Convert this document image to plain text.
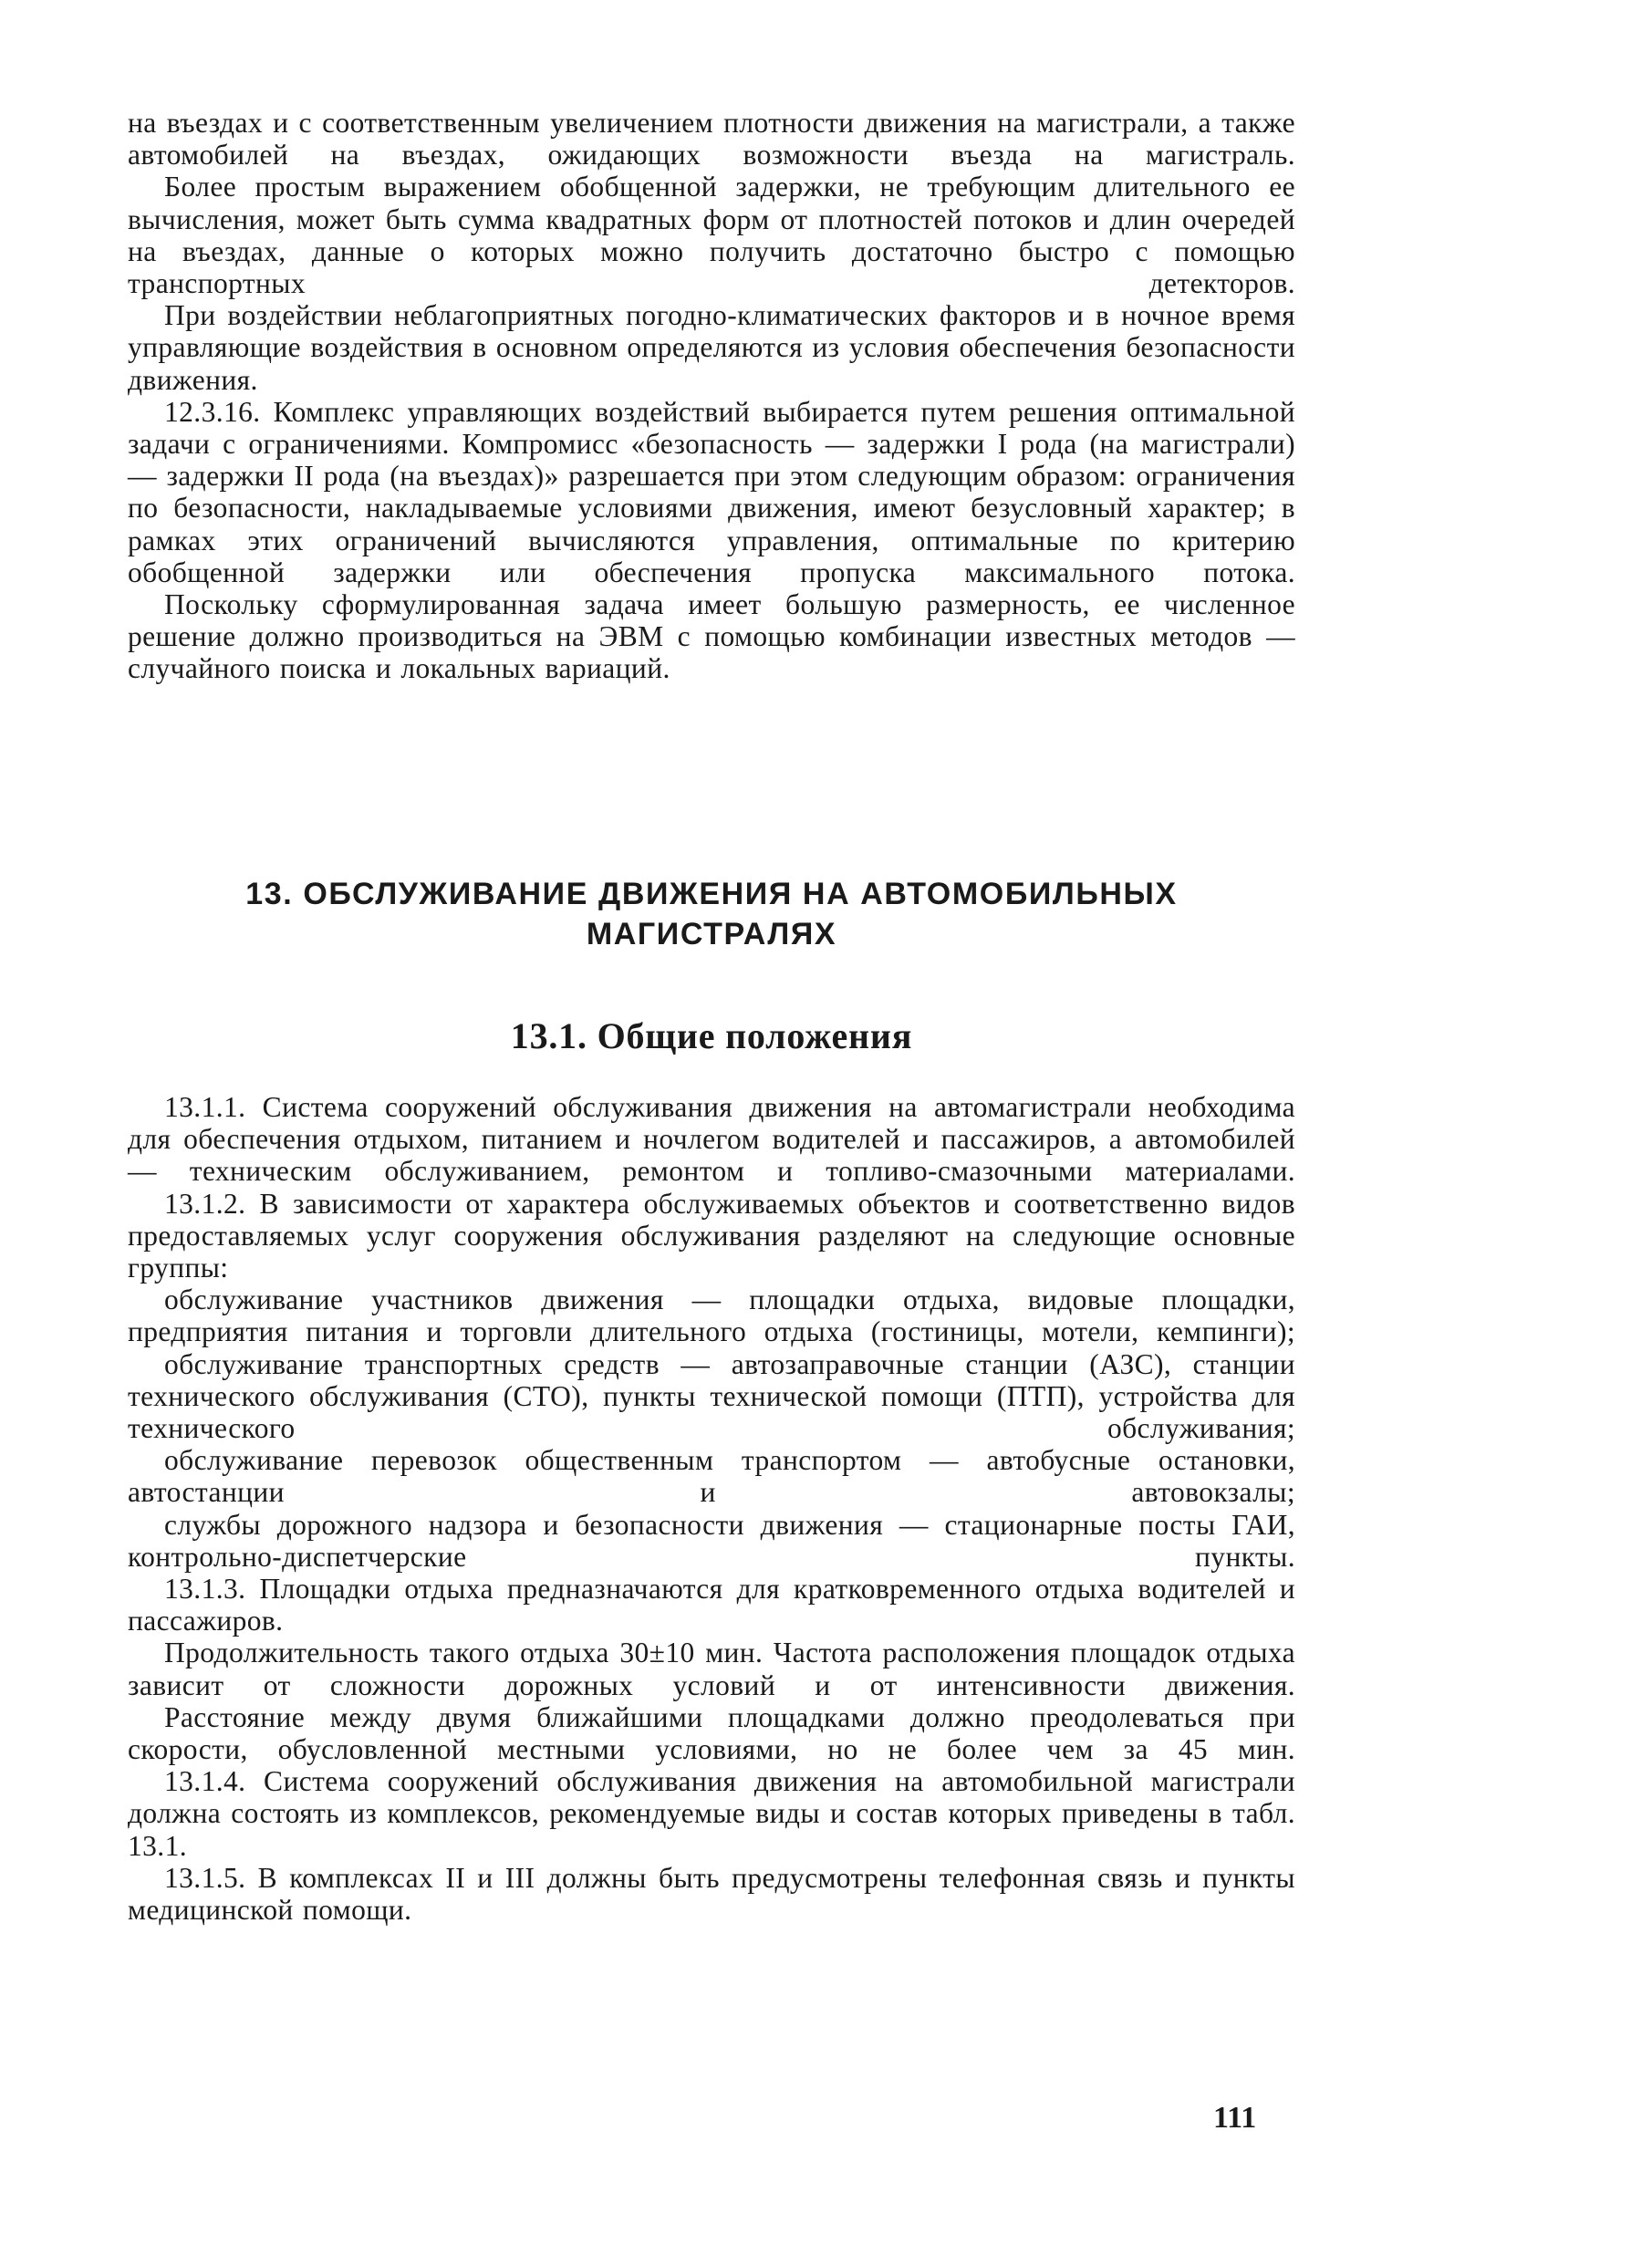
на въездах и с соответственным увеличением плотности движения на магистрали, а также автомобилей на въездах, ожидающих возможности въезда на магистраль.

Более простым выражением обобщенной задержки, не требующим длительного ее вычисления, может быть сумма квадратных форм от плотностей потоков и длин очередей на въездах, данные о которых можно получить достаточно быстро с помощью транспортных детекторов.

При воздействии неблагоприятных погодно-климатических факторов и в ночное время управляющие воздействия в основном определяются из условия обеспечения безопасности движения.

12.3.16. Комплекс управляющих воздействий выбирается путем решения оптимальной задачи с ограничениями. Компромисс «безопасность — задержки I рода (на магистрали) — задержки II рода (на въездах)» разрешается при этом следующим образом: ограничения по безопасности, накладываемые условиями движения, имеют безусловный характер; в рамках этих ограничений вычисляются управления, оптимальные по критерию обобщенной задержки или обеспечения пропуска максимального потока.

Поскольку сформулированная задача имеет большую размерность, ее численное решение должно производиться на ЭВМ с помощью комбинации известных методов — случайного поиска и локальных вариаций.

13. ОБСЛУЖИВАНИЕ ДВИЖЕНИЯ НА АВТОМОБИЛЬНЫХ
МАГИСТРАЛЯХ
13.1. Общие положения

13.1.1. Система сооружений обслуживания движения на автомагистрали необходима для обеспечения отдыхом, питанием и ночлегом водителей и пассажиров, а автомобилей — техническим обслуживанием, ремонтом и топливо-смазочными материалами.

13.1.2. В зависимости от характера обслуживаемых объектов и соответственно видов предоставляемых услуг сооружения обслуживания разделяют на следующие основные группы:

обслуживание участников движения — площадки отдыха, видовые площадки, предприятия питания и торговли длительного отдыха (гостиницы, мотели, кемпинги);

обслуживание транспортных средств — автозаправочные станции (АЗС), станции технического обслуживания (СТО), пункты технической помощи (ПТП), устройства для технического обслуживания;

обслуживание перевозок общественным транспортом — автобусные остановки, автостанции и автовокзалы;

службы дорожного надзора и безопасности движения — стационарные посты ГАИ, контрольно-диспетчерские пункты.

13.1.3. Площадки отдыха предназначаются для кратковременного отдыха водителей и пассажиров.

Продолжительность такого отдыха 30±10 мин. Частота расположения площадок отдыха зависит от сложности дорожных условий и от интенсивности движения.

Расстояние между двумя ближайшими площадками должно преодолеваться при скорости, обусловленной местными условиями, но не более чем за 45 мин.

13.1.4. Система сооружений обслуживания движения на автомобильной магистрали должна состоять из комплексов, рекомендуемые виды и состав которых приведены в табл. 13.1.

13.1.5. В комплексах II и III должны быть предусмотрены телефонная связь и пункты медицинской помощи.

111
